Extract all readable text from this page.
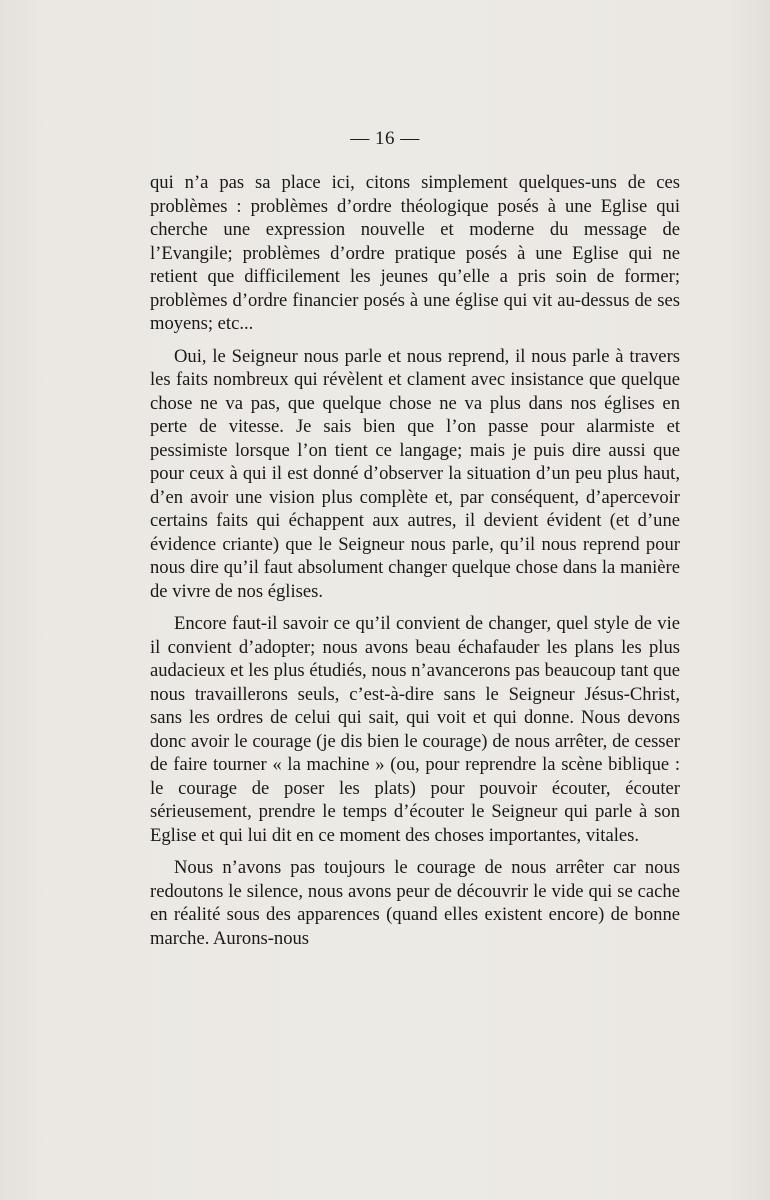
— 16 —

qui n’a pas sa place ici, citons simplement quelques-uns de ces problèmes : problèmes d’ordre théologique posés à une Eglise qui cherche une expression nouvelle et moderne du message de l’Evangile; problèmes d’ordre pratique posés à une Eglise qui ne retient que difficilement les jeunes qu’elle a pris soin de former; problèmes d’ordre financier posés à une église qui vit au-dessus de ses moyens; etc...

Oui, le Seigneur nous parle et nous reprend, il nous parle à travers les faits nombreux qui révèlent et clament avec insistance que quelque chose ne va pas, que quelque chose ne va plus dans nos églises en perte de vitesse. Je sais bien que l’on passe pour alarmiste et pessimiste lorsque l’on tient ce langage; mais je puis dire aussi que pour ceux à qui il est donné d’observer la situation d’un peu plus haut, d’en avoir une vision plus complète et, par conséquent, d’apercevoir certains faits qui échappent aux autres, il devient évident (et d’une évidence criante) que le Seigneur nous parle, qu’il nous reprend pour nous dire qu’il faut absolument changer quelque chose dans la manière de vivre de nos églises.

Encore faut-il savoir ce qu’il convient de changer, quel style de vie il convient d’adopter; nous avons beau échafauder les plans les plus audacieux et les plus étudiés, nous n’avancerons pas beaucoup tant que nous travaillerons seuls, c’est-à-dire sans le Seigneur Jésus-Christ, sans les ordres de celui qui sait, qui voit et qui donne. Nous devons donc avoir le courage (je dis bien le courage) de nous arrêter, de cesser de faire tourner « la machine » (ou, pour reprendre la scène biblique : le courage de poser les plats) pour pouvoir écouter, écouter sérieusement, prendre le temps d’écouter le Seigneur qui parle à son Eglise et qui lui dit en ce moment des choses importantes, vitales.

Nous n’avons pas toujours le courage de nous arrêter car nous redoutons le silence, nous avons peur de découvrir le vide qui se cache en réalité sous des apparences (quand elles existent encore) de bonne marche. Aurons-nous
